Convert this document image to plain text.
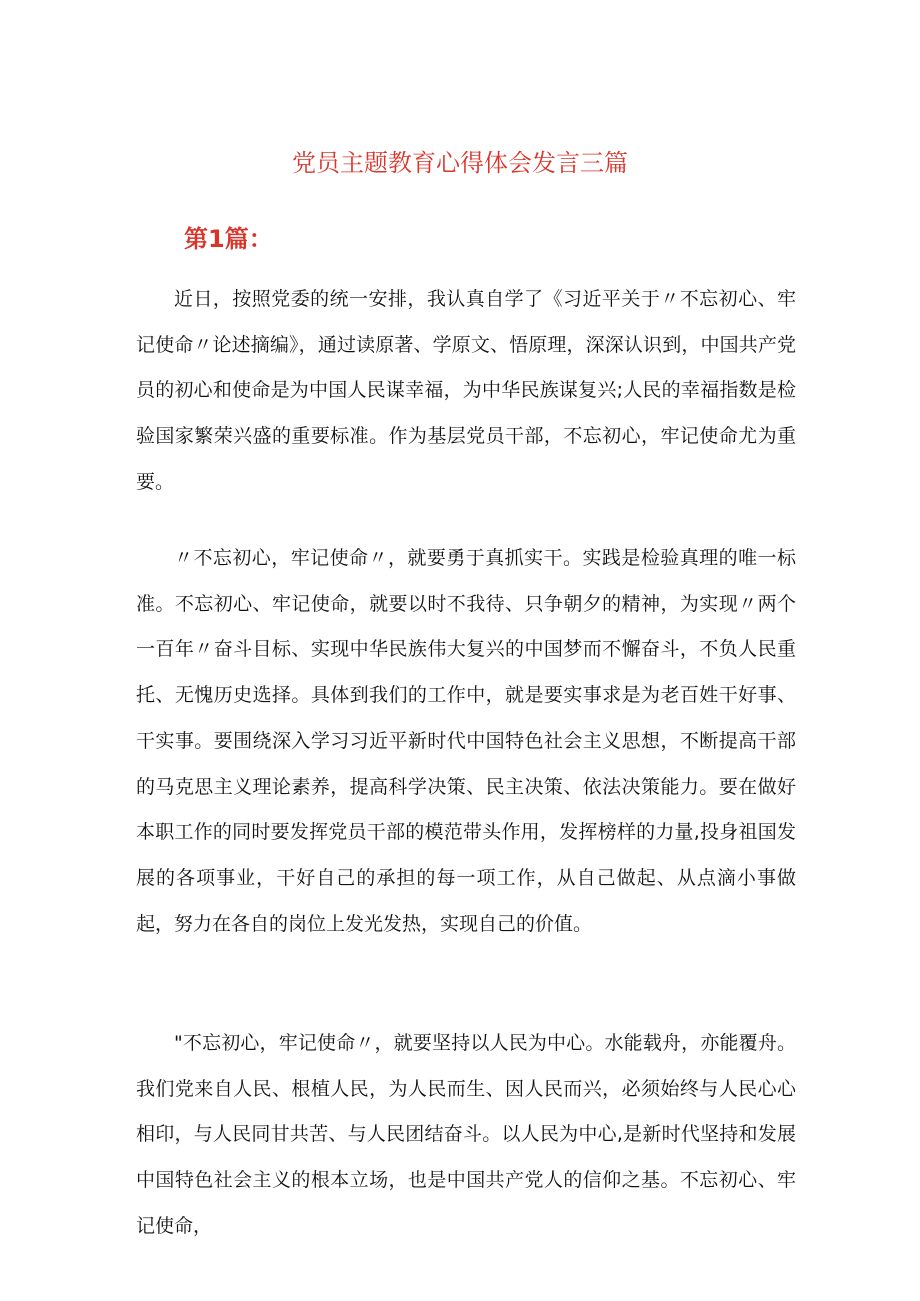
党员主题教育心得体会发言三篇
第1篇：

近日，按照党委的统一安排，我认真自学了《习近平关于〃不忘初心、牢记使命〃论述摘编》，通过读原著、学原文、悟原理，深深认识到，中国共产党员的初心和使命是为中国人民谋幸福，为中华民族谋复兴;人民的幸福指数是检验国家繁荣兴盛的重要标准。作为基层党员干部，不忘初心，牢记使命尤为重要。

〃不忘初心，牢记使命〃，就要勇于真抓实干。实践是检验真理的唯一标准。不忘初心、牢记使命，就要以时不我待、只争朝夕的精神，为实现〃两个一百年〃奋斗目标、实现中华民族伟大复兴的中国梦而不懈奋斗，不负人民重托、无愧历史选择。具体到我们的工作中，就是要实事求是为老百姓干好事、干实事。要围绕深入学习习近平新时代中国特色社会主义思想，不断提高干部的马克思主义理论素养，提高科学决策、民主决策、依法决策能力。要在做好本职工作的同时要发挥党员干部的模范带头作用，发挥榜样的力量,投身祖国发展的各项事业，干好自己的承担的每一项工作，从自己做起、从点滴小事做起，努力在各自的岗位上发光发热，实现自己的价值。

"不忘初心，牢记使命〃，就要坚持以人民为中心。水能载舟，亦能覆舟。我们党来自人民、根植人民，为人民而生、因人民而兴，必须始终与人民心心相印，与人民同甘共苦、与人民团结奋斗。以人民为中心,是新时代坚持和发展中国特色社会主义的根本立场，也是中国共产党人的信仰之基。不忘初心、牢记使命，
